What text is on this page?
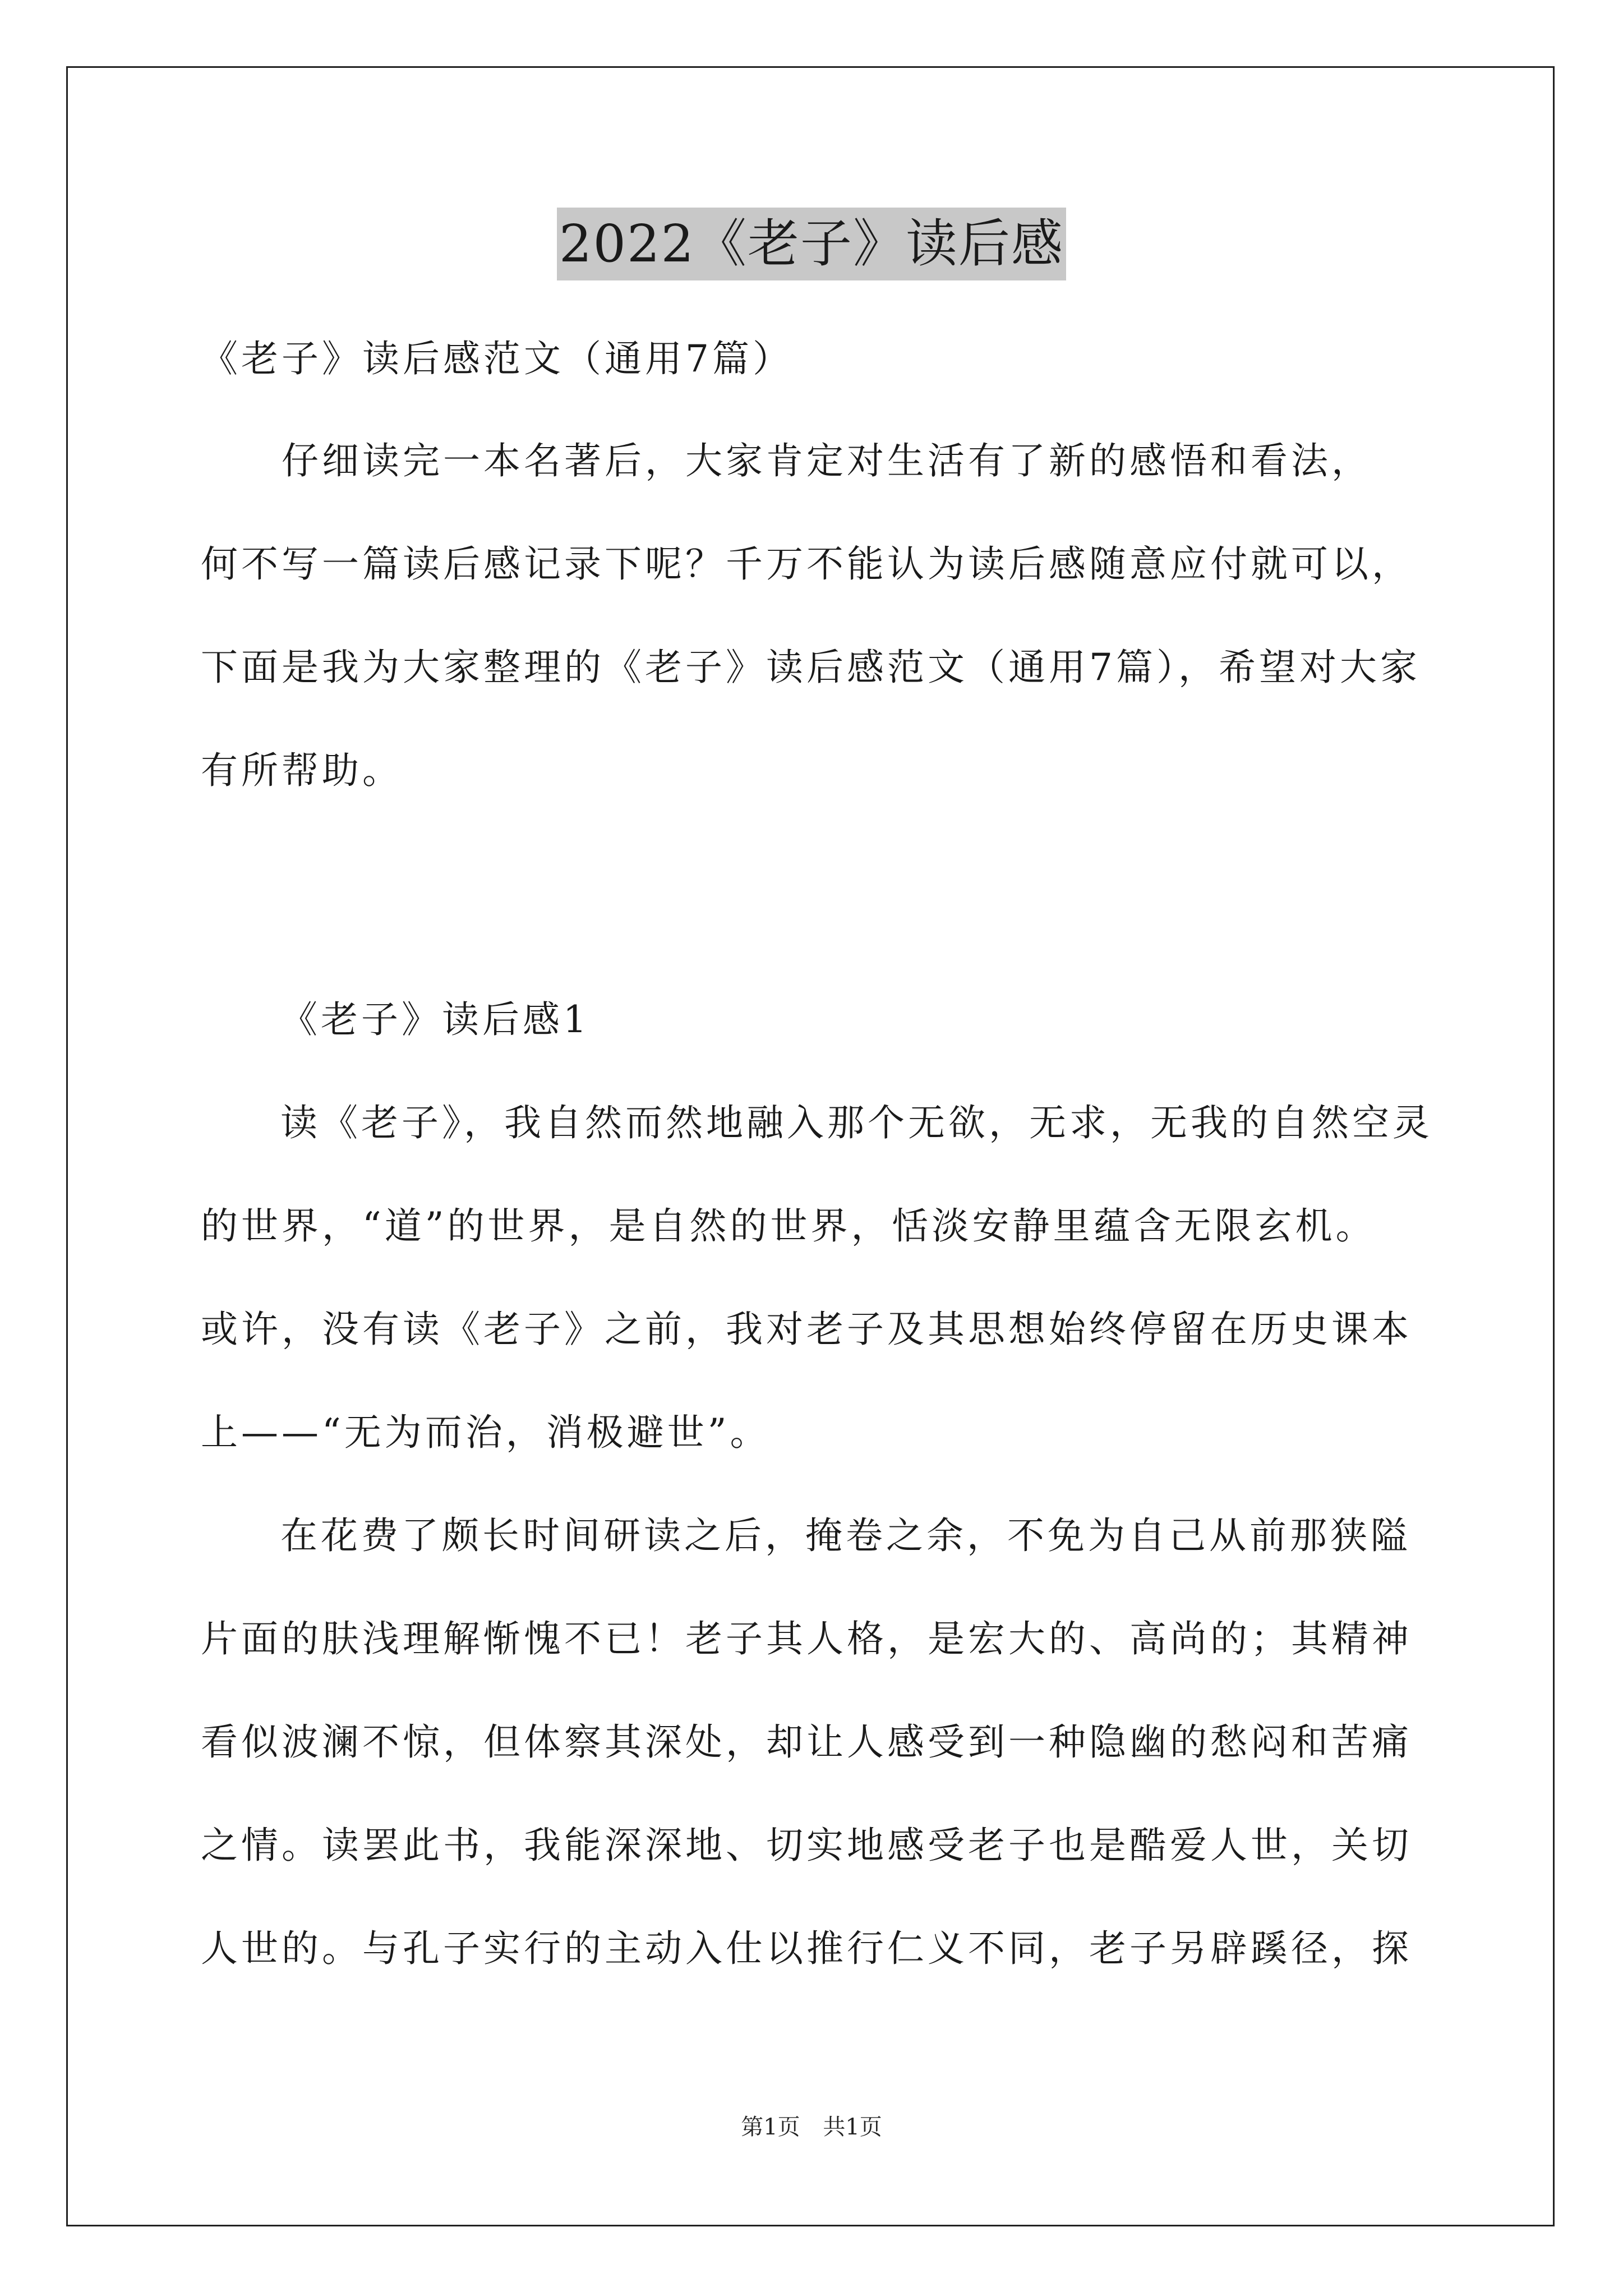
2022《老子》读后感

《老子》读后感范文（通用7篇）

　　仔细读完一本名著后，大家肯定对生活有了新的感悟和看法，
何不写一篇读后感记录下呢？千万不能认为读后感随意应付就可以，
下面是我为大家整理的《老子》读后感范文（通用7篇），希望对大家
有所帮助。

《老子》读后感1

读《老子》，我自然而然地融入那个无欲，无求，无我的自然空灵
的世界，“道”的世界，是自然的世界，恬淡安静里蕴含无限玄机。
或许，没有读《老子》之前，我对老子及其思想始终停留在历史课本
上——“无为而治，消极避世”。

在花费了颇长时间研读之后，掩卷之余，不免为自己从前那狭隘
片面的肤浅理解惭愧不已！老子其人格，是宏大的、高尚的；其精神
看似波澜不惊，但体察其深处，却让人感受到一种隐幽的愁闷和苦痛
之情。读罢此书，我能深深地、切实地感受老子也是酷爱人世，关切
人世的。与孔子实行的主动入仕以推行仁义不同，老子另辟蹊径，探

第1页 共1页
